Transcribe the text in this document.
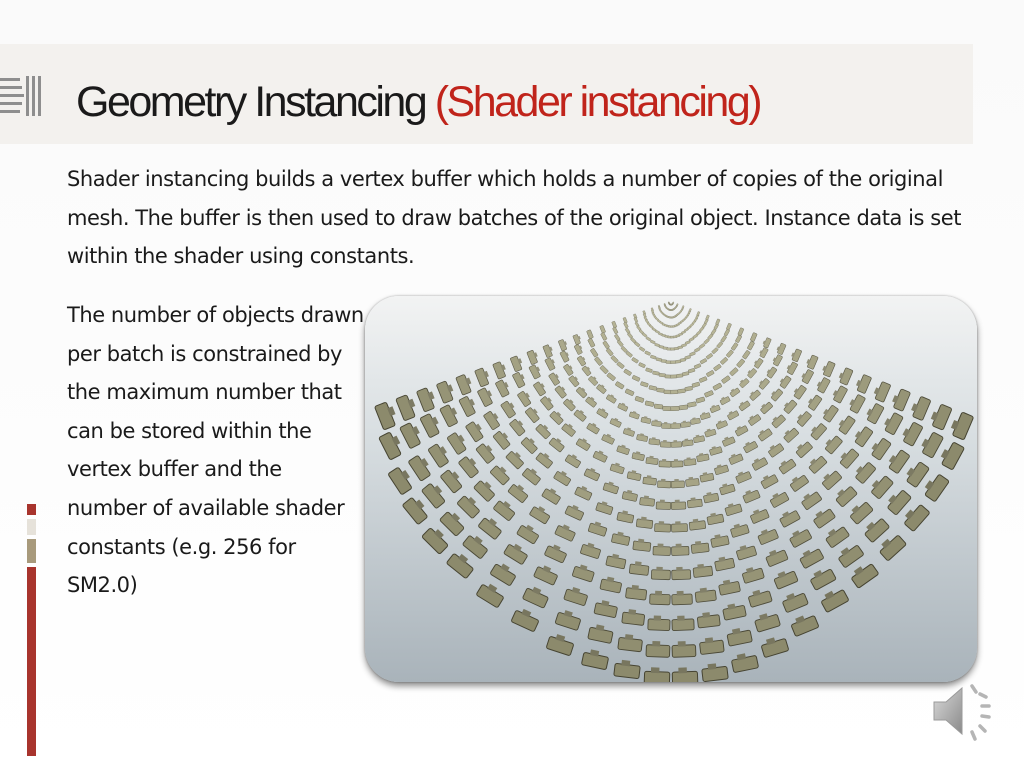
Geometry Instancing (Shader instancing)

Shader instancing builds a vertex buffer which holds a number of copies of the original mesh. The buffer is then used to draw batches of the original object. Instance data is set within the shader using constants.

The number of objects drawn per batch is constrained by the maximum number that can be stored within the vertex buffer and the number of available shader constants (e.g. 256 for SM2.0)
